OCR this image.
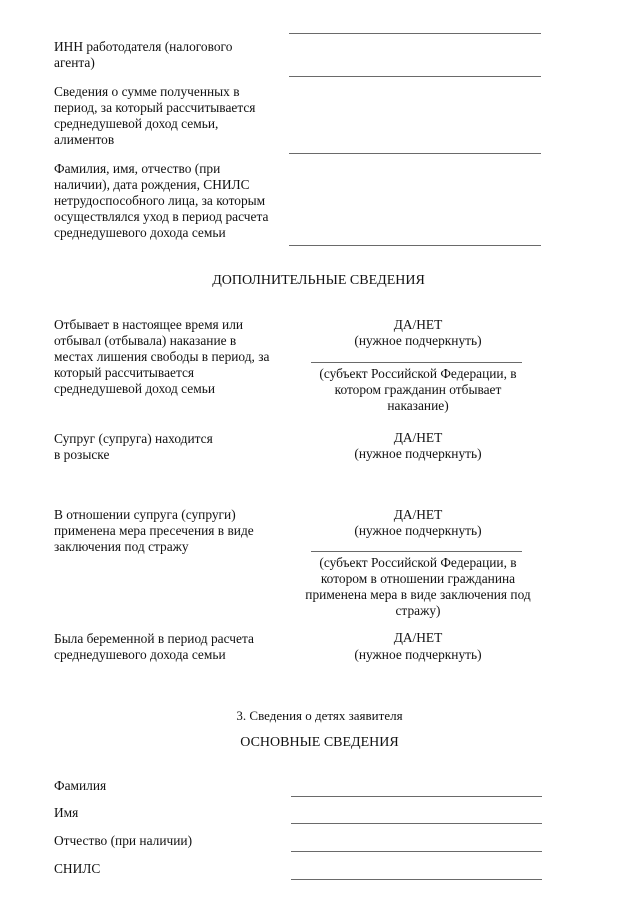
ИНН работодателя (налогового
агента)
Сведения о сумме полученных в
период, за который рассчитывается
среднедушевой доход семьи,
алиментов
Фамилия, имя, отчество (при
наличии), дата рождения, СНИЛС
нетрудоспособного лица, за которым
осуществлялся уход в период расчета
среднедушевого дохода семьи
ДОПОЛНИТЕЛЬНЫЕ СВЕДЕНИЯ
Отбывает в настоящее время или
отбывал (отбывала) наказание в
местах лишения свободы в период, за
который рассчитывается
среднедушевой доход семьи
ДА/НЕТ
(нужное подчеркнуть)
(субъект Российской Федерации, в
котором гражданин отбывает
наказание)
Супруг (супруга) находится
в розыске
ДА/НЕТ
(нужное подчеркнуть)
В отношении супруга (супруги)
применена мера пресечения в виде
заключения под стражу
ДА/НЕТ
(нужное подчеркнуть)
(субъект Российской Федерации, в
котором в отношении гражданина
применена мера в виде заключения под
стражу)
Была беременной в период расчета
среднедушевого дохода семьи
ДА/НЕТ
(нужное подчеркнуть)
3. Сведения о детях заявителя
ОСНОВНЫЕ СВЕДЕНИЯ
Фамилия
Имя
Отчество (при наличии)
СНИЛС
